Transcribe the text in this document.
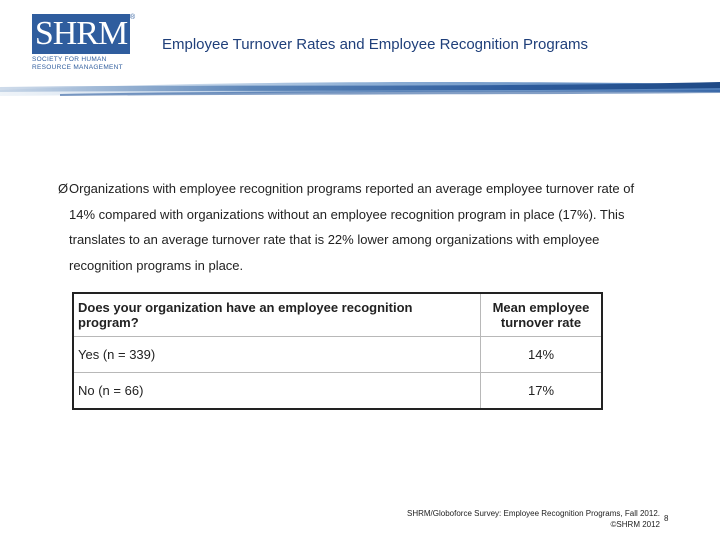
SHRM ®
SOCIETY FOR HUMAN
RESOURCE MANAGEMENT
Employee Turnover Rates and Employee Recognition Programs
Ø Organizations with employee recognition programs reported an average employee turnover rate of 14% compared with organizations without an employee recognition program in place (17%). This translates to an average turnover rate that is 22% lower among organizations with employee recognition programs in place.
Does your organization have an employee recognition program?	Mean employee turnover rate
Yes (n = 339)	14%
No (n = 66)	17%
SHRM/Globoforce Survey: Employee Recognition Programs, Fall 2012.
©SHRM 2012
8
